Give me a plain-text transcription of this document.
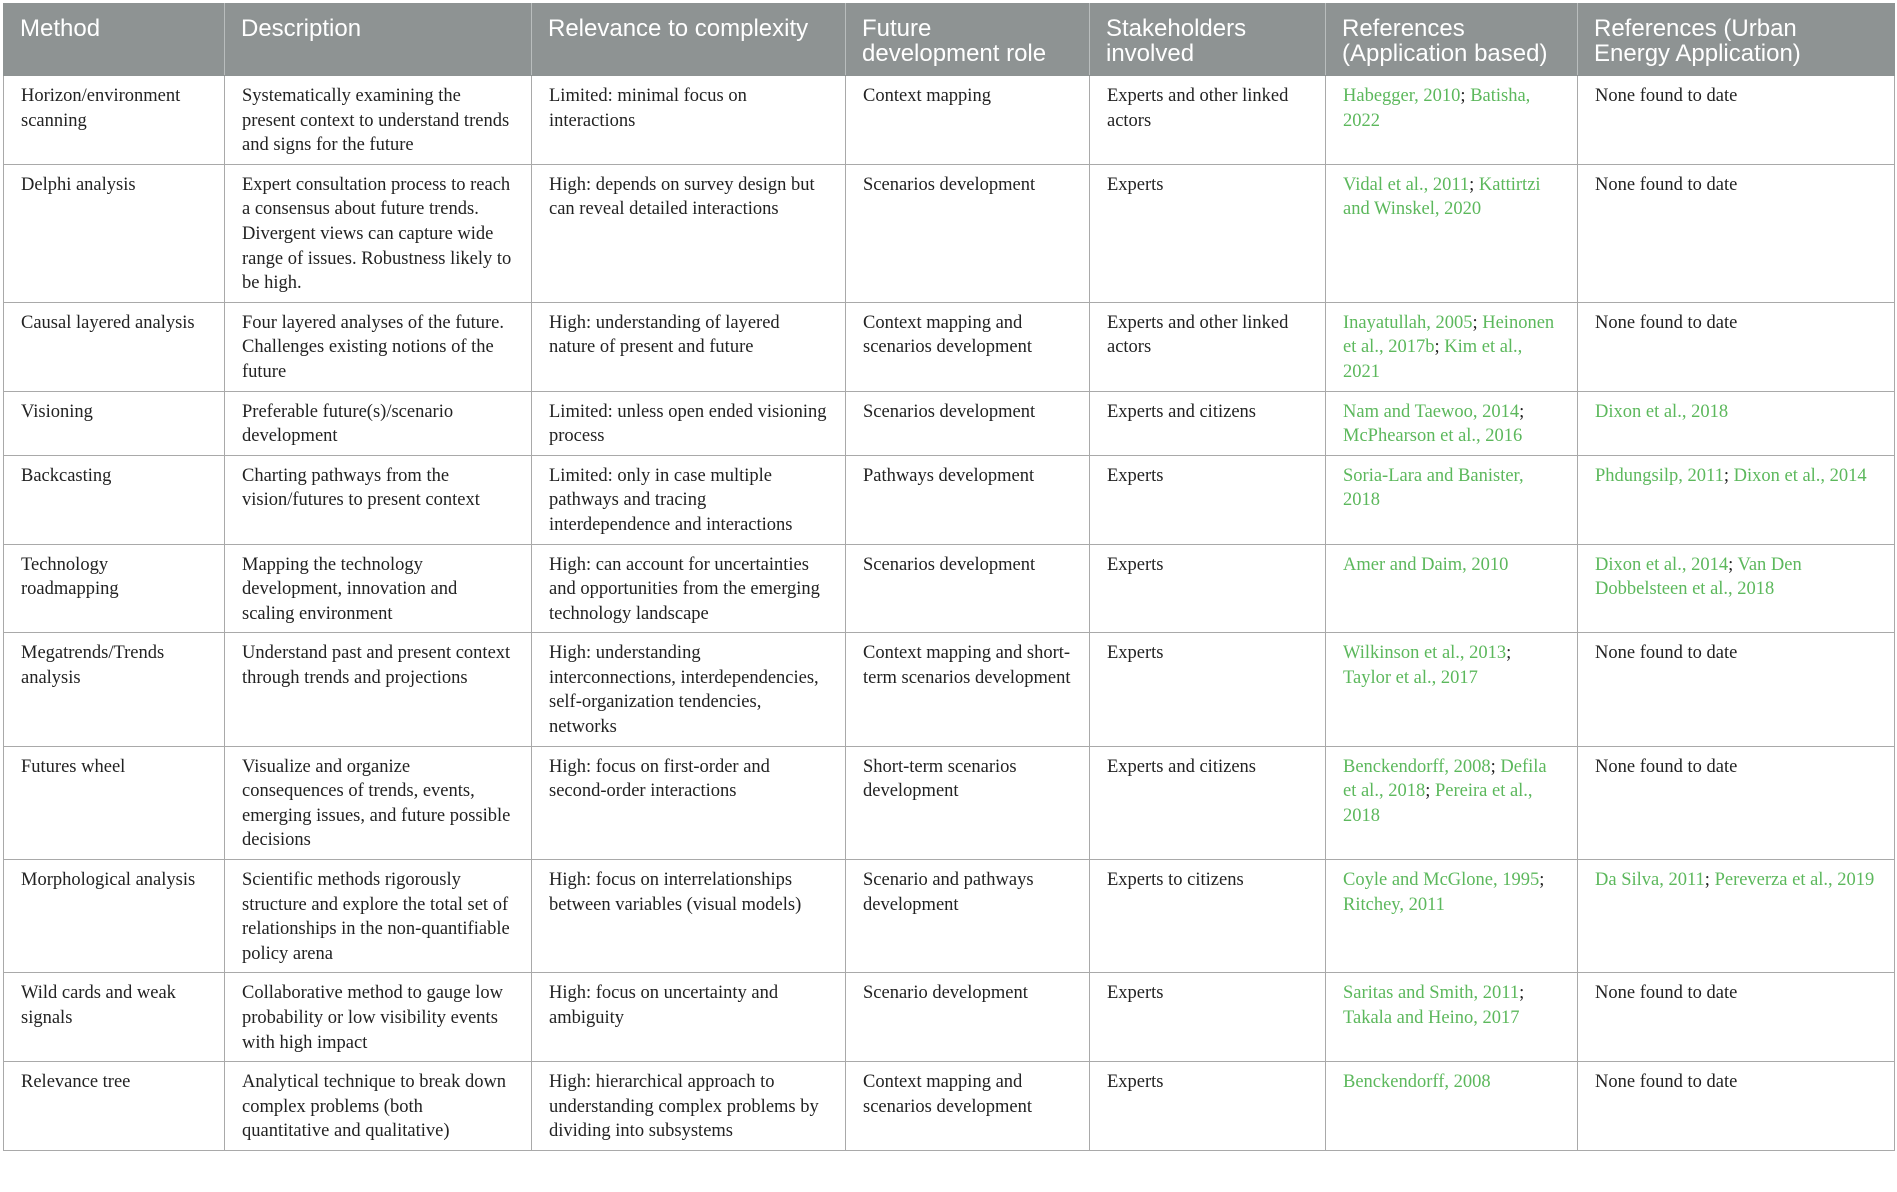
Method	Description	Relevance to complexity	Future development role	Stakeholders involved	References (Application based)	References (Urban Energy Application)
Horizon/environment scanning	Systematically examining the present context to understand trends and signs for the future	Limited: minimal focus on interactions	Context mapping	Experts and other linked actors	Habegger, 2010; Batisha, 2022	None found to date
Delphi analysis	Expert consultation process to reach a consensus about future trends. Divergent views can capture wide range of issues. Robustness likely to be high.	High: depends on survey design but can reveal detailed interactions	Scenarios development	Experts	Vidal et al., 2011; Kattirtzi and Winskel, 2020	None found to date
Causal layered analysis	Four layered analyses of the future. Challenges existing notions of the future	High: understanding of layered nature of present and future	Context mapping and scenarios development	Experts and other linked actors	Inayatullah, 2005; Heinonen et al., 2017b; Kim et al., 2021	None found to date
Visioning	Preferable future(s)/scenario development	Limited: unless open ended visioning process	Scenarios development	Experts and citizens	Nam and Taewoo, 2014; McPhearson et al., 2016	Dixon et al., 2018
Backcasting	Charting pathways from the vision/futures to present context	Limited: only in case multiple pathways and tracing interdependence and interactions	Pathways development	Experts	Soria-Lara and Banister, 2018	Phdungsilp, 2011; Dixon et al., 2014
Technology roadmapping	Mapping the technology development, innovation and scaling environment	High: can account for uncertainties and opportunities from the emerging technology landscape	Scenarios development	Experts	Amer and Daim, 2010	Dixon et al., 2014; Van Den Dobbelsteen et al., 2018
Megatrends/Trends analysis	Understand past and present context through trends and projections	High: understanding interconnections, interdependencies, self-organization tendencies, networks	Context mapping and short-term scenarios development	Experts	Wilkinson et al., 2013; Taylor et al., 2017	None found to date
Futures wheel	Visualize and organize consequences of trends, events, emerging issues, and future possible decisions	High: focus on first-order and second-order interactions	Short-term scenarios development	Experts and citizens	Benckendorff, 2008; Defila et al., 2018; Pereira et al., 2018	None found to date
Morphological analysis	Scientific methods rigorously structure and explore the total set of relationships in the non-quantifiable policy arena	High: focus on interrelationships between variables (visual models)	Scenario and pathways development	Experts to citizens	Coyle and McGlone, 1995; Ritchey, 2011	Da Silva, 2011; Pereverza et al., 2019
Wild cards and weak signals	Collaborative method to gauge low probability or low visibility events with high impact	High: focus on uncertainty and ambiguity	Scenario development	Experts	Saritas and Smith, 2011; Takala and Heino, 2017	None found to date
Relevance tree	Analytical technique to break down complex problems (both quantitative and qualitative)	High: hierarchical approach to understanding complex problems by dividing into subsystems	Context mapping and scenarios development	Experts	Benckendorff, 2008	None found to date
